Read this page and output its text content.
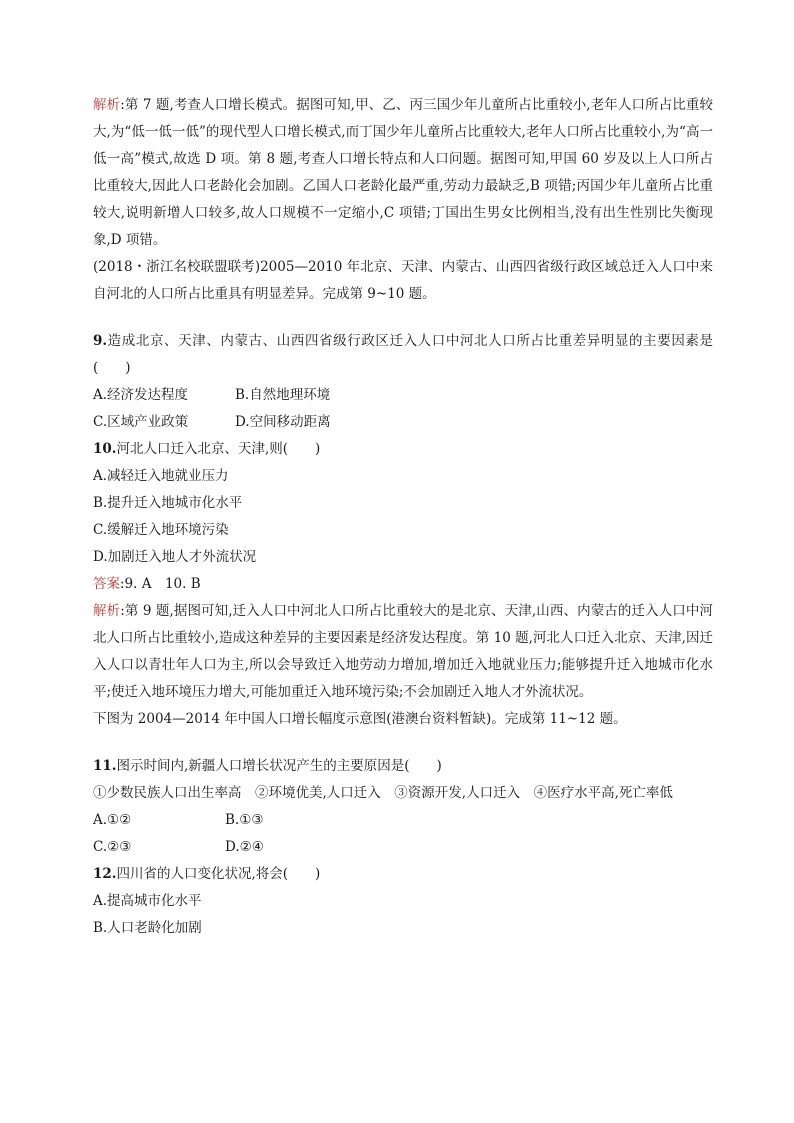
解析:第 7 题,考查人口增长模式。据图可知,甲、乙、丙三国少年儿童所占比重较小,老年人口所占比重较大,为“低一低一低”的现代型人口增长模式,而丁国少年儿童所占比重较大,老年人口所占比重较小,为“高一低一高”模式,故选 D 项。第 8 题,考查人口增长特点和人口问题。据图可知,甲国 60 岁及以上人口所占比重较大,因此人口老龄化会加剧。乙国人口老龄化最严重,劳动力最缺乏,B 项错;丙国少年儿童所占比重较大,说明新增人口较多,故人口规模不一定缩小,C 项错;丁国出生男女比例相当,没有出生性别比失衡现象,D 项错。

(2018・浙江名校联盟联考)2005—2010 年北京、天津、内蒙古、山西四省级行政区域总迁入人口中来自河北的人口所占比重具有明显差异。完成第 9~10 题。

9.造成北京、天津、内蒙古、山西四省级行政区迁入人口中河北人口所占比重差异明显的主要因素是(　　)

A.经济发达程度	B.自然地理环境
C.区域产业政策	D.空间移动距离

10.河北人口迁入北京、天津,则(　　)

A.减轻迁入地就业压力

B.提升迁入地城市化水平

C.缓解迁入地环境污染

D.加剧迁入地人才外流状况

答案:9. A　10. B

解析:第 9 题,据图可知,迁入人口中河北人口所占比重较大的是北京、天津,山西、内蒙古的迁入人口中河北人口所占比重较小,造成这种差异的主要因素是经济发达程度。第 10 题,河北人口迁入北京、天津,因迁入人口以青壮年人口为主,所以会导致迁入地劳动力增加,增加迁入地就业压力;能够提升迁入地城市化水平;使迁入地环境压力增大,可能加重迁入地环境污染;不会加剧迁入地人才外流状况。

下图为 2004—2014 年中国人口增长幅度示意图(港澳台资料暂缺)。完成第 11~12 题。

11.图示时间内,新疆人口增长状况产生的主要原因是(　　)

①少数民族人口出生率高　②环境优美,人口迁入　③资源开发,人口迁入　④医疗水平高,死亡率低

A.①②	B.①③
C.②③	D.②④

12.四川省的人口变化状况,将会(　　)

A.提高城市化水平

B.人口老龄化加剧
